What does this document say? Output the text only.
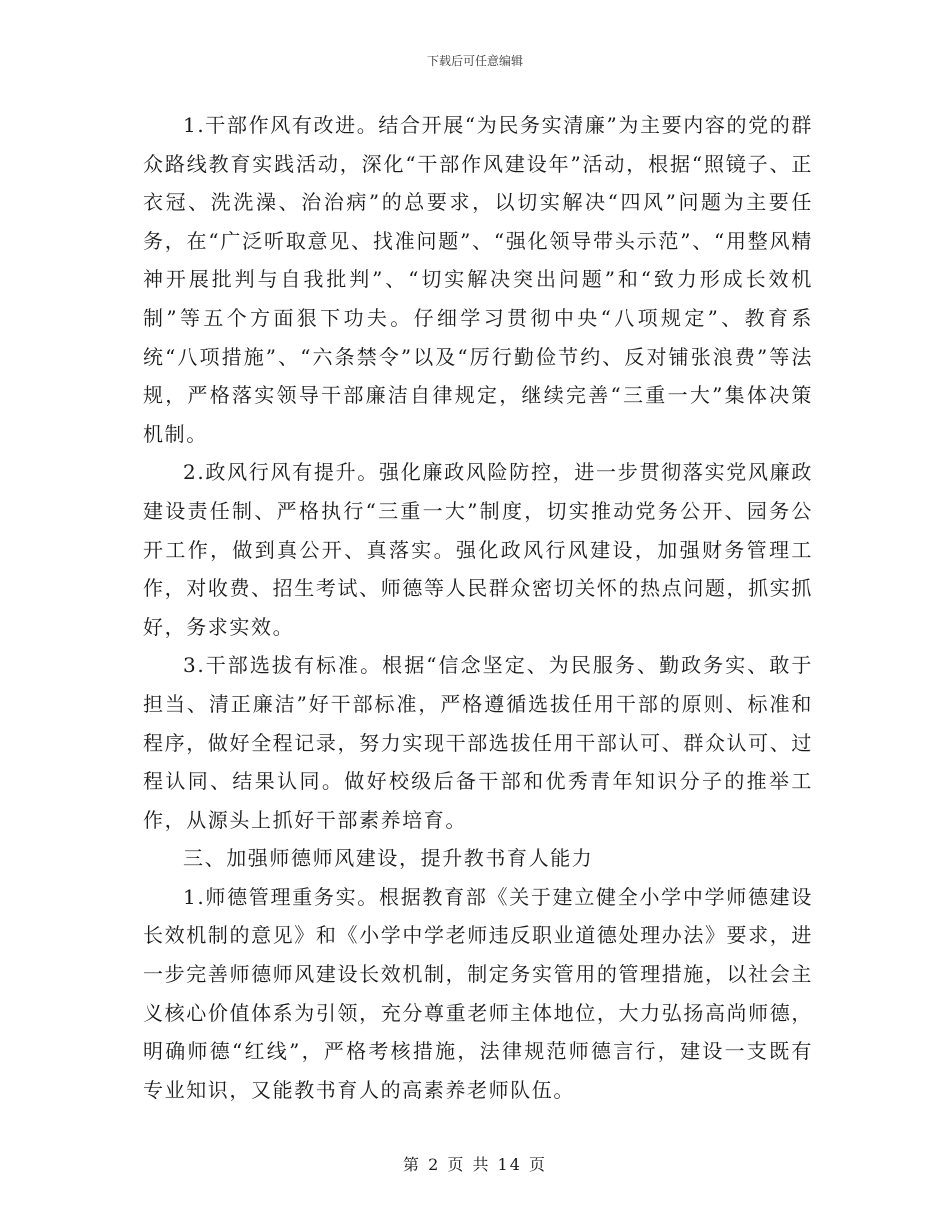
下载后可任意编辑

1.干部作风有改进。结合开展“为民务实清廉”为主要内容的党的群众路线教育实践活动，深化“干部作风建设年”活动，根据“照镜子、正衣冠、洗洗澡、治治病”的总要求，以切实解决“四风”问题为主要任务，在“广泛听取意见、找准问题”、“强化领导带头示范”、“用整风精神开展批判与自我批判”、“切实解决突出问题”和“致力形成长效机制”等五个方面狠下功夫。仔细学习贯彻中央“八项规定”、教育系统“八项措施”、“六条禁令”以及“厉行勤俭节约、反对铺张浪费”等法规，严格落实领导干部廉洁自律规定，继续完善“三重一大”集体决策机制。

2.政风行风有提升。强化廉政风险防控，进一步贯彻落实党风廉政建设责任制、严格执行“三重一大”制度，切实推动党务公开、园务公开工作，做到真公开、真落实。强化政风行风建设，加强财务管理工作，对收费、招生考试、师德等人民群众密切关怀的热点问题，抓实抓好，务求实效。

3.干部选拔有标准。根据“信念坚定、为民服务、勤政务实、敢于担当、清正廉洁”好干部标准，严格遵循选拔任用干部的原则、标准和程序，做好全程记录，努力实现干部选拔任用干部认可、群众认可、过程认同、结果认同。做好校级后备干部和优秀青年知识分子的推举工作，从源头上抓好干部素养培育。

三、加强师德师风建设，提升教书育人能力

1.师德管理重务实。根据教育部《关于建立健全小学中学师德建设长效机制的意见》和《小学中学老师违反职业道德处理办法》要求，进一步完善师德师风建设长效机制，制定务实管用的管理措施，以社会主义核心价值体系为引领，充分尊重老师主体地位，大力弘扬高尚师德，明确师德“红线”，严格考核措施，法律规范师德言行，建设一支既有专业知识，又能教书育人的高素养老师队伍。

第 2 页 共 14 页
